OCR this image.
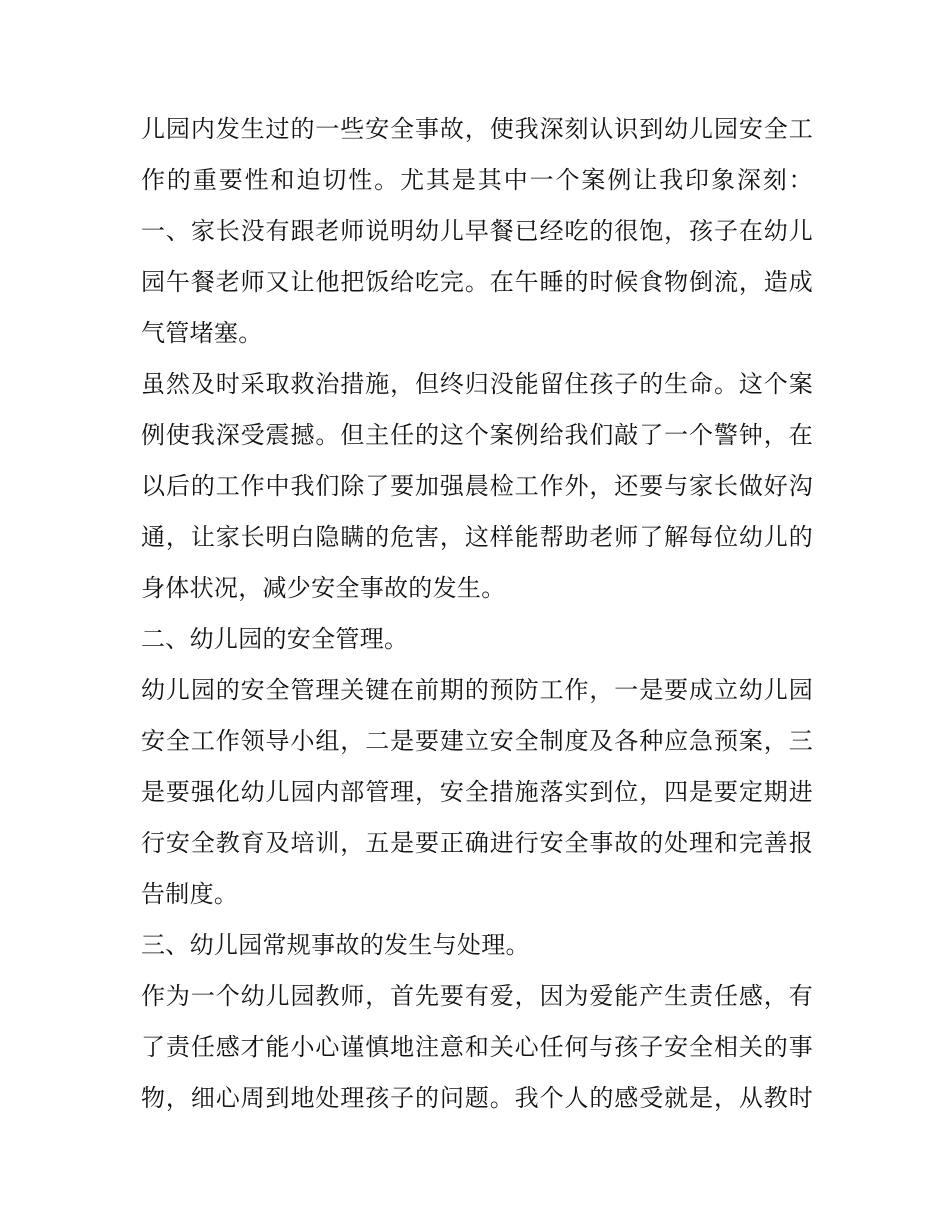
儿园内发生过的一些安全事故，使我深刻认识到幼儿园安全工
作的重要性和迫切性。尤其是其中一个案例让我印象深刻：
一、家长没有跟老师说明幼儿早餐已经吃的很饱，孩子在幼儿
园午餐老师又让他把饭给吃完。在午睡的时候食物倒流，造成
气管堵塞。
虽然及时采取救治措施，但终归没能留住孩子的生命。这个案
例使我深受震撼。但主任的这个案例给我们敲了一个警钟，在
以后的工作中我们除了要加强晨检工作外，还要与家长做好沟
通，让家长明白隐瞒的危害，这样能帮助老师了解每位幼儿的
身体状况，减少安全事故的发生。
二、幼儿园的安全管理。
幼儿园的安全管理关键在前期的预防工作，一是要成立幼儿园
安全工作领导小组，二是要建立安全制度及各种应急预案，三
是要强化幼儿园内部管理，安全措施落实到位，四是要定期进
行安全教育及培训，五是要正确进行安全事故的处理和完善报
告制度。
三、幼儿园常规事故的发生与处理。
作为一个幼儿园教师，首先要有爱，因为爱能产生责任感，有
了责任感才能小心谨慎地注意和关心任何与孩子安全相关的事
物，细心周到地处理孩子的问题。我个人的感受就是，从教时
